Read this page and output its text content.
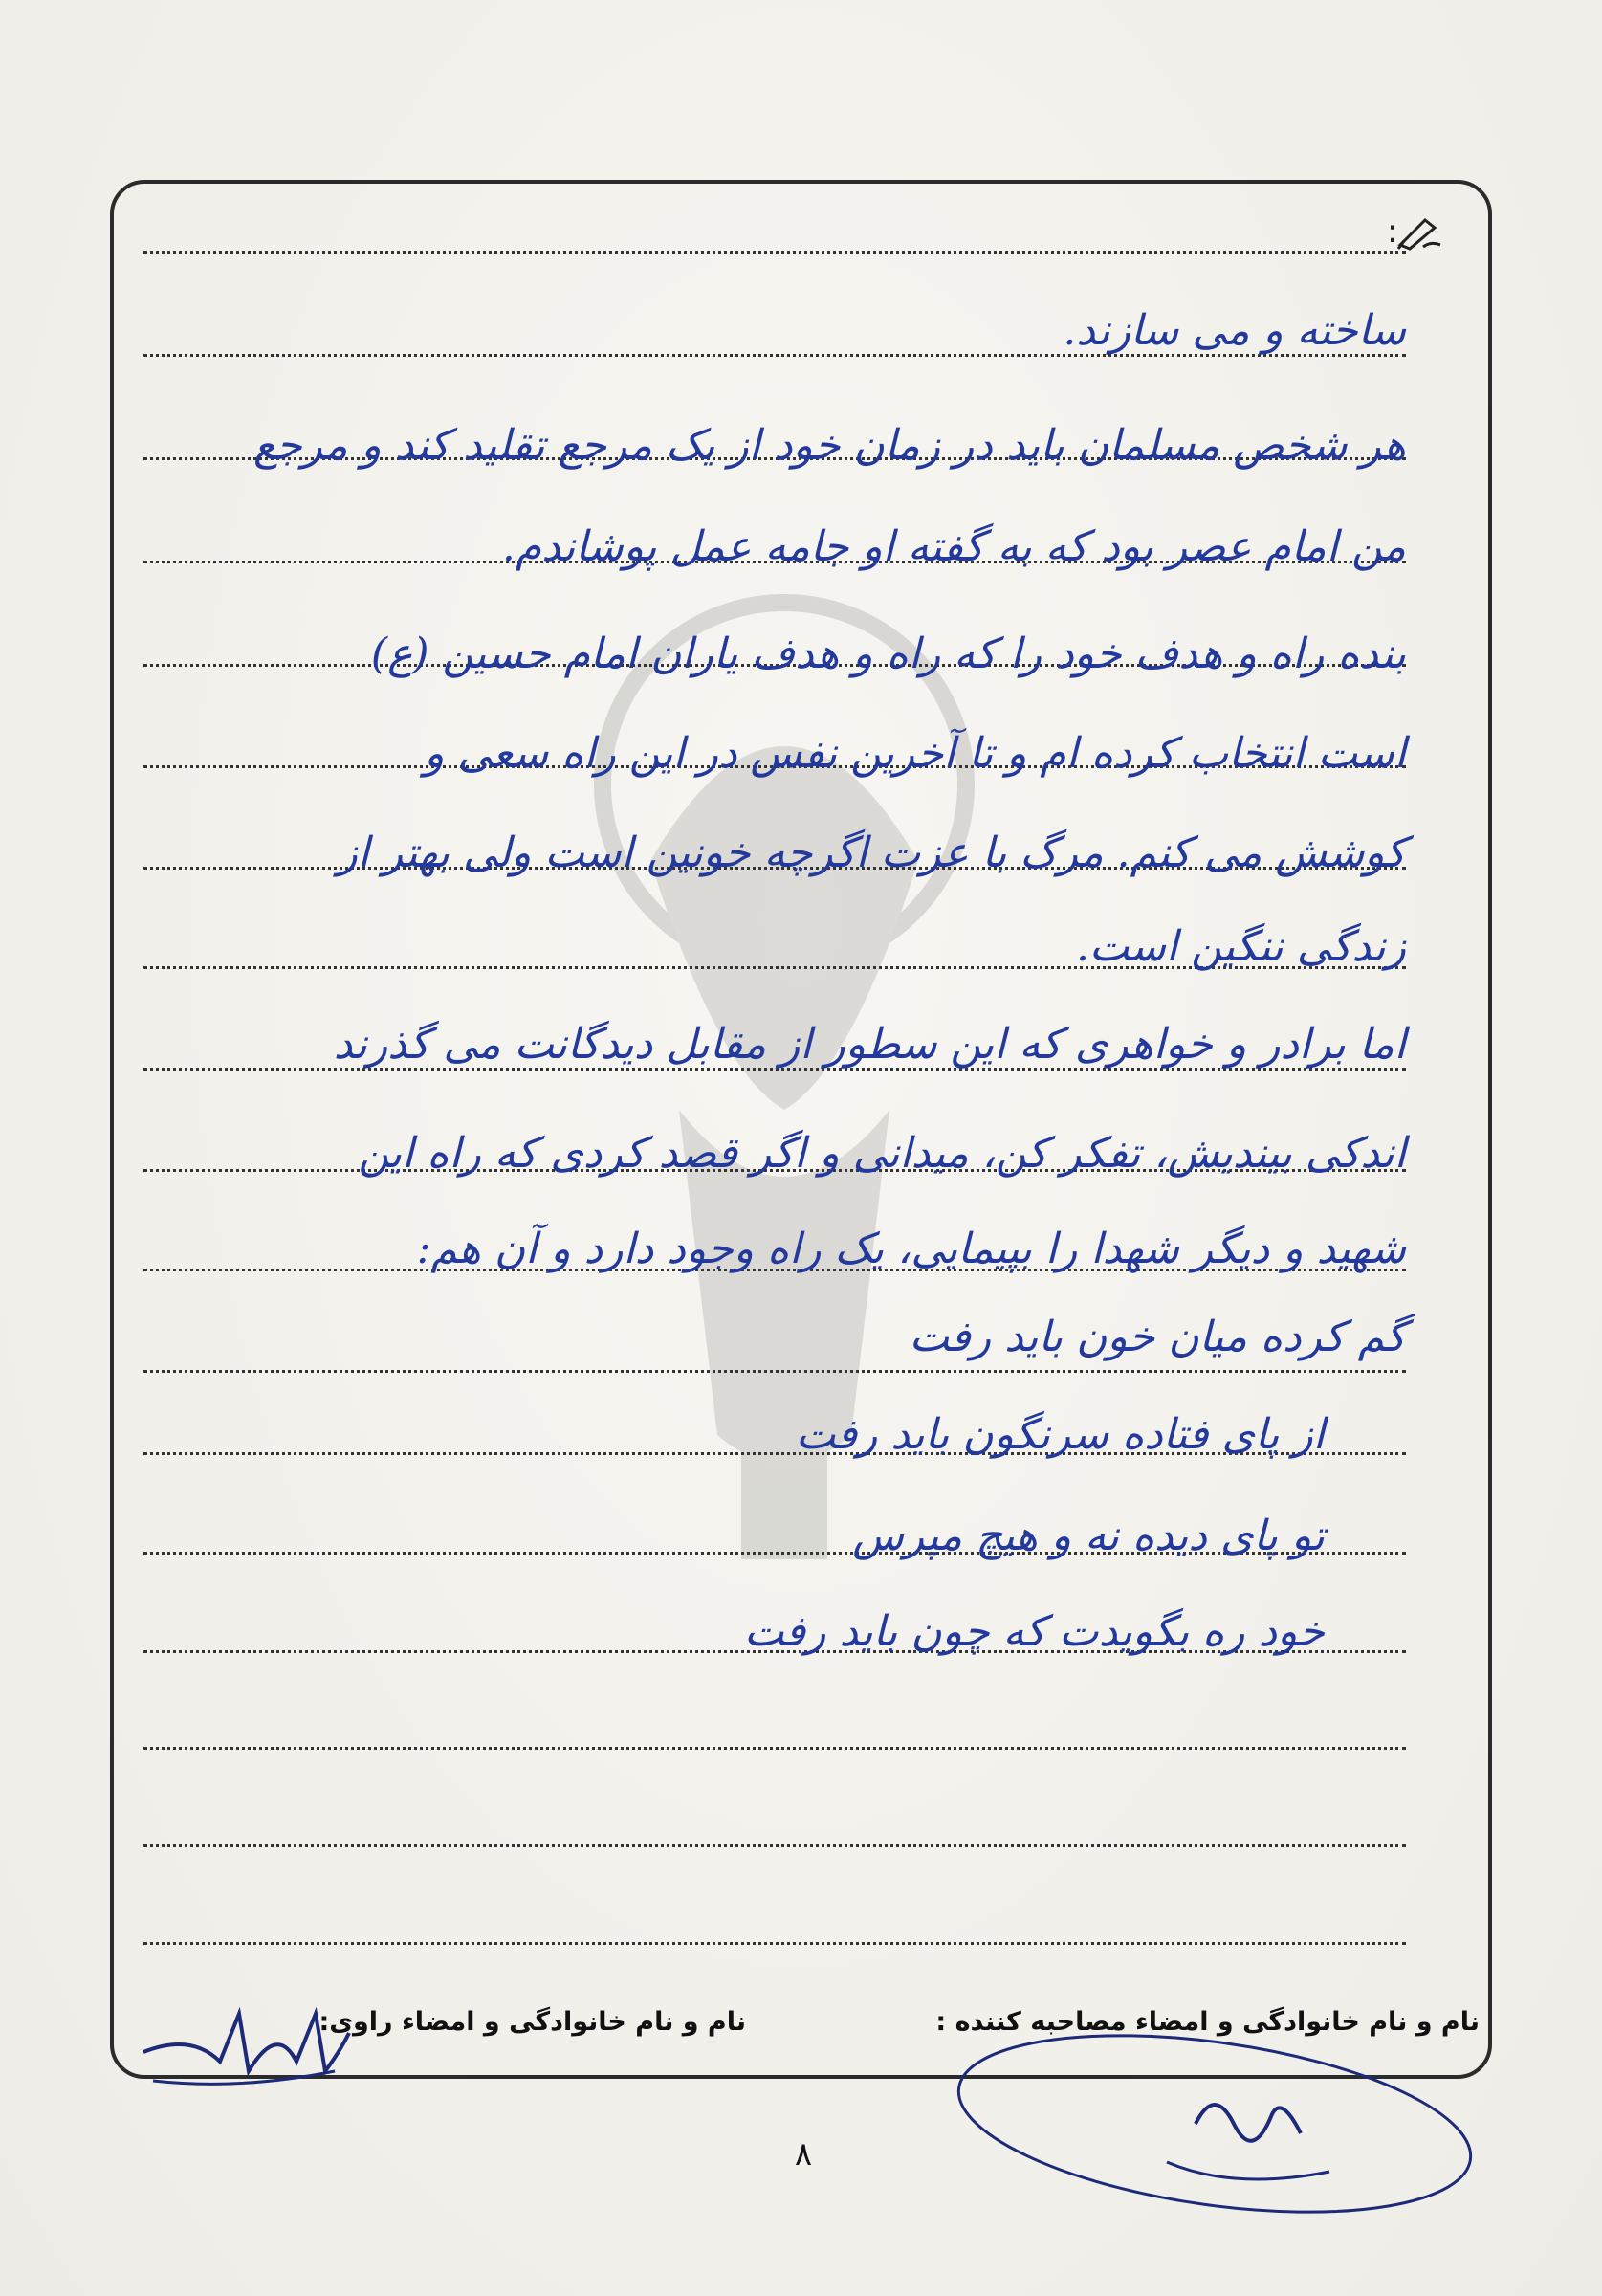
:
ساخته و می سازند.
هر شخص مسلمان باید در زمان خود از یک مرجع تقلید کند و مرجع
من امام عصر بود که به گفته او جامه عمل پوشاندم.
بنده راه و هدف خود را که راه و هدف یاران امام حسین (ع)
است انتخاب کرده ام و تا آخرین نفس در این راه سعی و
کوشش می کنم. مرگ با عزت اگرچه خونین است ولی بهتر از
زندگی ننگین است.
اما برادر و خواهری که این سطور از مقابل دیدگانت می گذرند
اندکی بیندیش، تفکر کن، میدانی و اگر قصد کردی که راه این
شهید و دیگر شهدا را بپیمایی، یک راه وجود دارد و آن هم:
گم کرده میان خون باید رفت
از پای فتاده سرنگون باید رفت
تو پای دیده نه و هیچ مپرس
خود ره بگویدت که چون باید رفت
نام و نام خانوادگی و امضاء مصاحبه کننده :
نام و نام خانوادگی و امضاء راوی:
۸
